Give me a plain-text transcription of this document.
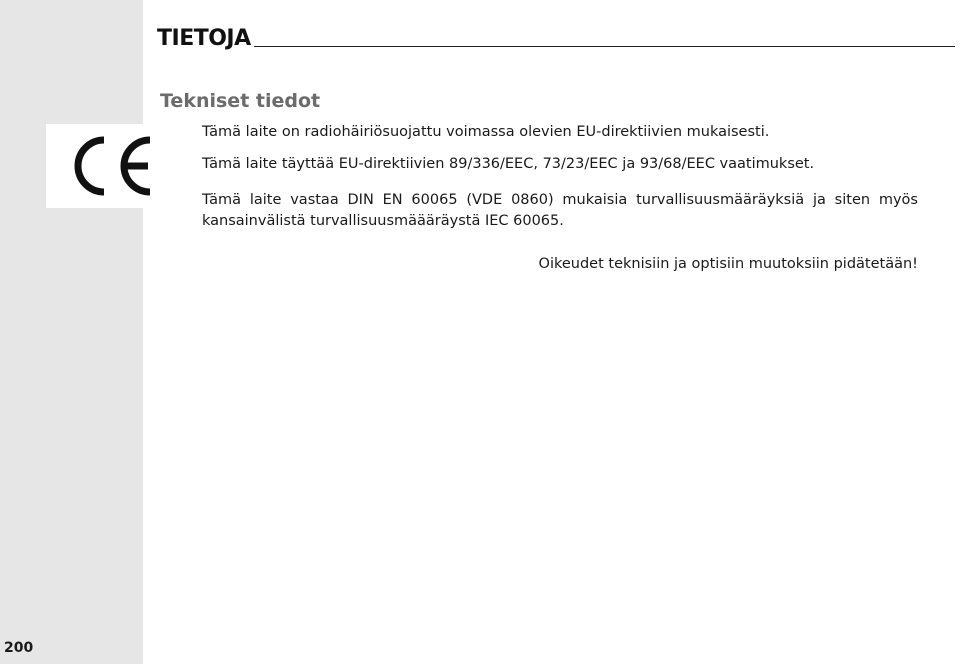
TIETOJA
Tekniset tiedot

Tämä laite on radiohäiriösuojattu voimassa olevien EU-direktiivien mukaisesti.

Tämä laite täyttää EU-direktiivien 89/336/EEC, 73/23/EEC ja 93/68/EEC vaatimukset.

Tämä laite vastaa DIN EN 60065 (VDE 0860) mukaisia turvallisuusmääräyksiä ja siten myös kansainvälistä turvallisuusmäääräystä IEC 60065.

Oikeudet teknisiin ja optisiin muutoksiin pidätetään!
200
